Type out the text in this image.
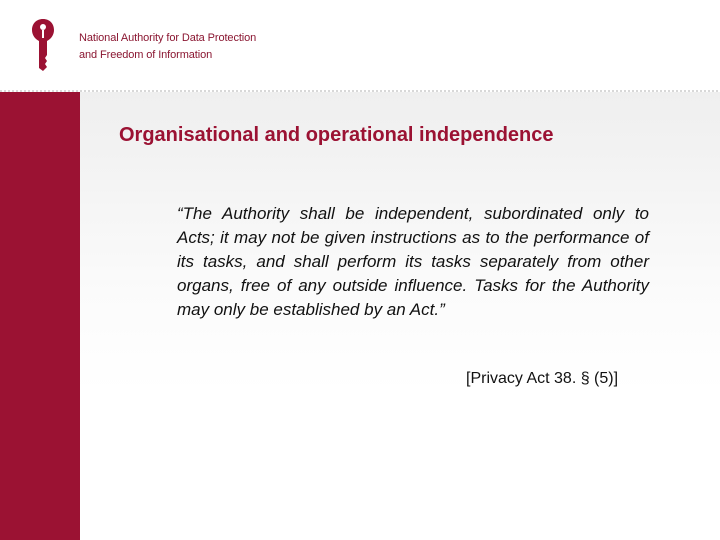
National Authority for Data Protection
and Freedom of Information
Organisational and operational independence

“The Authority shall be independent, subordinated only to Acts; it may not be given instructions as to the performance of its tasks, and shall perform its tasks separately from other organs, free of any outside influence. Tasks for the Authority may only be established by an Act.”

[Privacy Act 38. § (5)]
